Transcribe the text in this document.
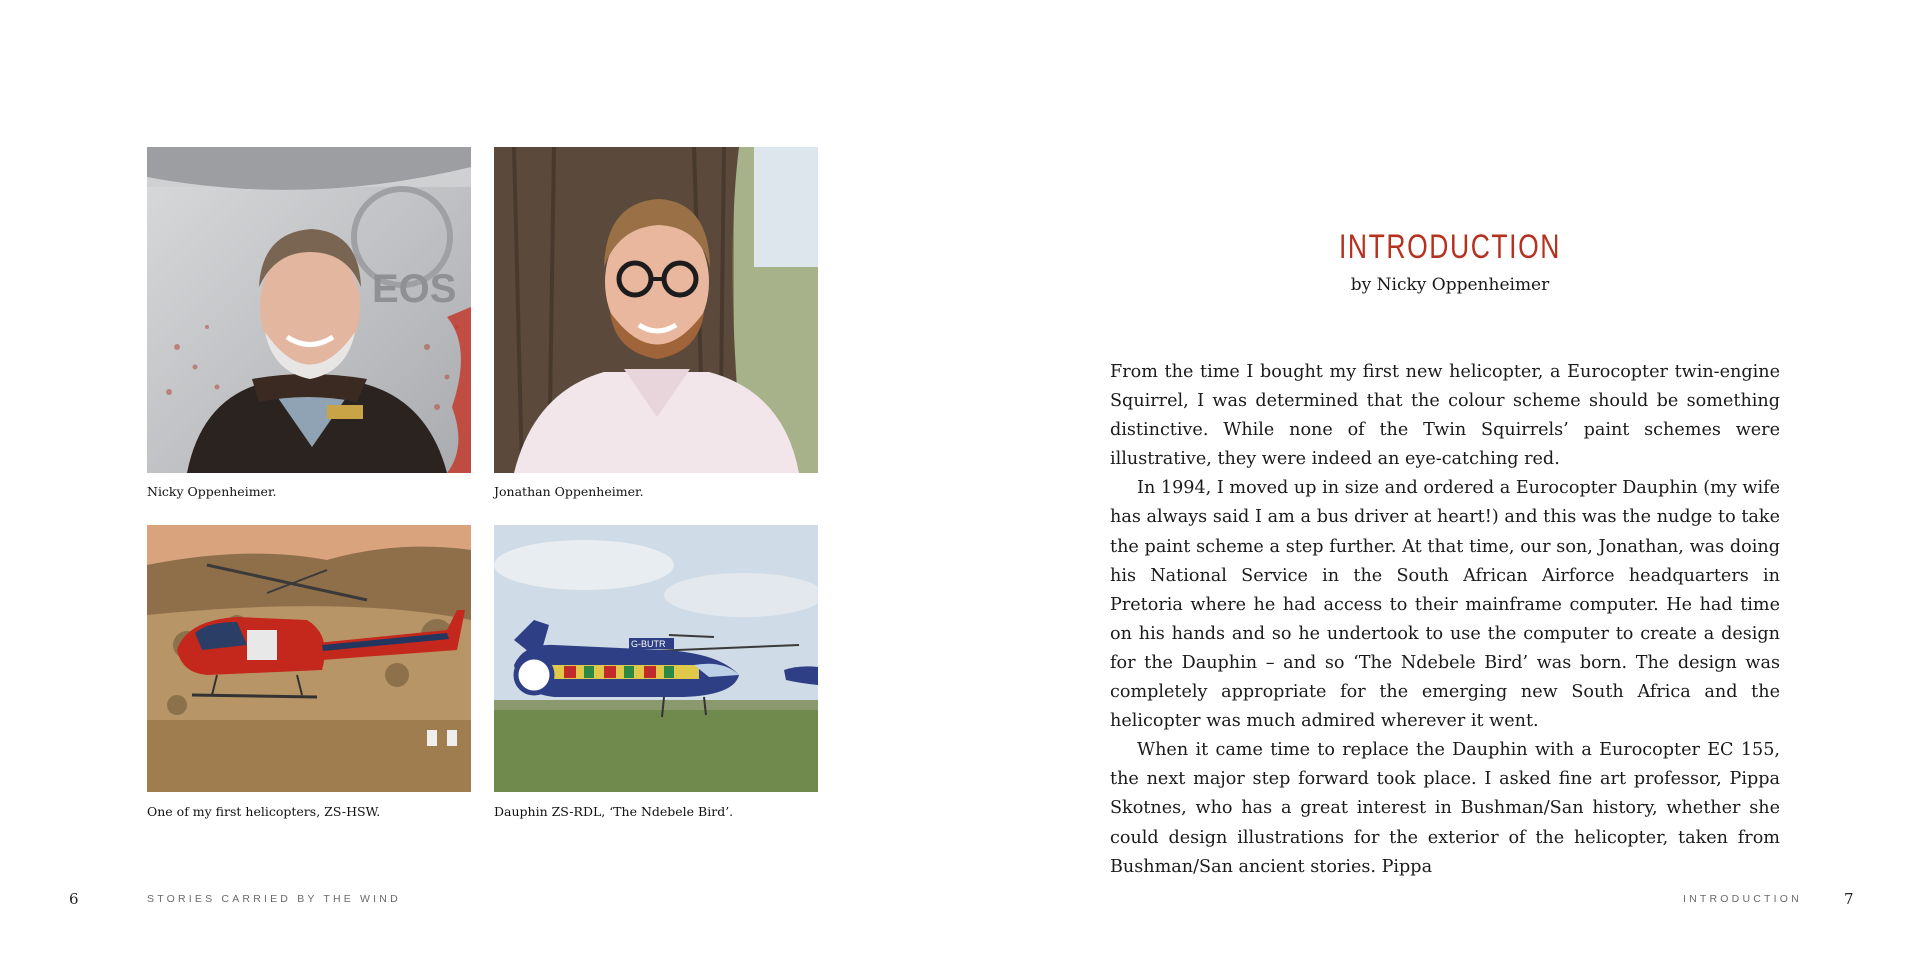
EOS
Nicky Oppenheimer.	Jonathan Oppenheimer.
One of my first helicopters, ZS-HSW.
G-BUTR
Dauphin ZS-RDL, ‘The Ndebele Bird’.
6	STORIES CARRIED BY THE WIND
INTRODUCTION
by Nicky Oppenheimer

From the time I bought my first new helicopter, a Eurocopter twin-engine Squirrel, I was determined that the colour scheme should be something distinctive. While none of the Twin Squirrels’ paint schemes were illustrative, they were indeed an eye-catching red.

In 1994, I moved up in size and ordered a Eurocopter Dauphin (my wife has always said I am a bus driver at heart!) and this was the nudge to take the paint scheme a step further. At that time, our son, Jonathan, was doing his National Service in the South African Airforce headquarters in Pretoria where he had access to their mainframe computer. He had time on his hands and so he undertook to use the computer to create a design for the Dauphin – and so ‘The Ndebele Bird’ was born. The design was completely appropriate for the emerging new South Africa and the helicopter was much admired wherever it went.

When it came time to replace the Dauphin with a Eurocopter EC 155, the next major step forward took place. I asked fine art professor, Pippa Skotnes, who has a great interest in Bushman/San history, whether she could design illustrations for the exterior of the helicopter, taken from Bushman/San ancient stories. Pippa

INTRODUCTION	7
